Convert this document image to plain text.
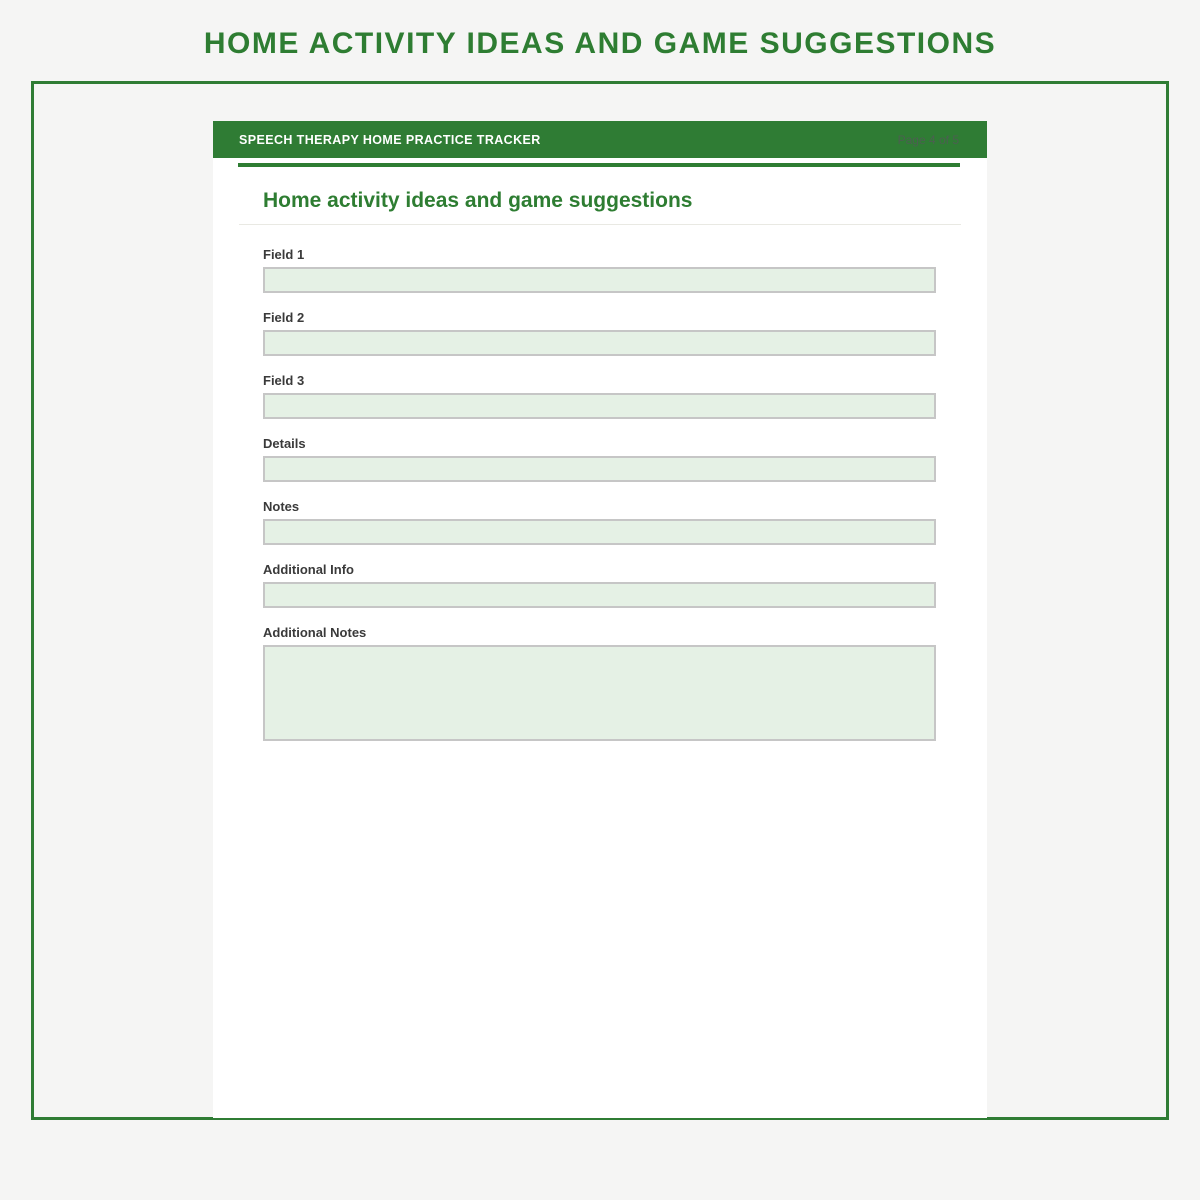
HOME ACTIVITY IDEAS AND GAME SUGGESTIONS
SPEECH THERAPY HOME PRACTICE TRACKER	Page 4 of 5
Home activity ideas and game suggestions
Field 1
Field 2
Field 3
Details
Notes
Additional Info
Additional Notes
